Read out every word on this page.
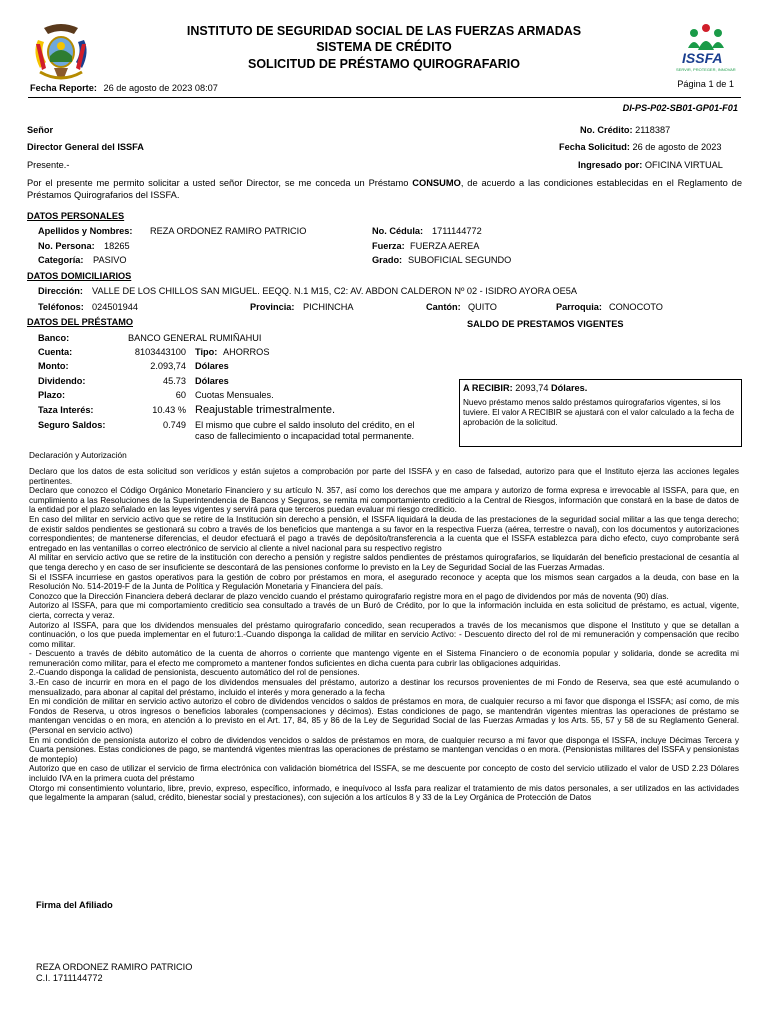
ISSFA
SERVIR, PROTEGER, INNOVAR
INSTITUTO DE SEGURIDAD SOCIAL DE LAS FUERZAS ARMADAS
SISTEMA DE CRÉDITO
SOLICITUD DE PRÉSTAMO QUIROGRAFARIO
Fecha Reporte: 26 de agosto de 2023 08:07	Página 1 de 1
DI-PS-P02-SB01-GP01-F01
Señor
Director General del ISSFA
Presente.-
No. Crédito: 2118387
Fecha Solicitud: 26 de agosto de 2023
Ingresado por: OFICINA VIRTUAL
Por el presente me permito solicitar a usted señor Director, se me conceda un Préstamo CONSUMO, de acuerdo a las condiciones establecidas en el Reglamento de Préstamos Quirografarios del ISSFA.
DATOS PERSONALES
Apellidos y Nombres: REZA ORDONEZ RAMIRO PATRICIO	No. Cédula: 1711144772
No. Persona: 18265	Fuerza: FUERZA AEREA
Categoría: PASIVO	Grado: SUBOFICIAL SEGUNDO
DATOS DOMICILIARIOS
Dirección: VALLE DE LOS CHILLOS SAN MIGUEL. EEQQ. N.1 M15, C2: AV. ABDON CALDERON Nº 02 - ISIDRO AYORA OE5A
Teléfonos: 024501944	Provincia: PICHINCHA	Cantón: QUITO	Parroquia: CONOCOTO
DATOS DEL PRÉSTAMO	SALDO DE PRESTAMOS VIGENTES
Banco:	BANCO GENERAL RUMIÑAHUI
Cuenta:	8103443100 Tipo: AHORROS
Monto:	2.093,74 Dólares
Dividendo:	45.73 Dólares
Plazo:	60 Cuotas Mensuales.
Taza Interés:	10.43 % Reajustable trimestralmente.
Seguro Saldos:	0.749 El mismo que cubre el saldo insoluto del crédito, en el
caso de fallecimiento o incapacidad total permanente.
A RECIBIR: 2093,74 Dólares.
Nuevo préstamo menos saldo préstamos quirografarios vigentes, si los tuviere. El valor A RECIBIR se ajustará con el valor calculado a la fecha de aprobación de la solicitud.
Declaración y Autorización
Declaro que los datos de esta solicitud son verídicos y están sujetos a comprobación por parte del ISSFA y en caso de falsedad, autorizo para que el Instituto ejerza las acciones legales pertinentes.
Declaro que conozco el Código Orgánico Monetario Financiero y su artículo N. 357, así como los derechos que me ampara y autorizo de forma expresa e irrevocable al ISSFA, para que, en cumplimiento a las Resoluciones de la Superintendencia de Bancos y Seguros, se remita mi comportamiento crediticio a la Central de Riesgos, información que constará en la base de datos de la entidad por el plazo señalado en las leyes vigentes y servirá para que terceros puedan evaluar mi riesgo crediticio.
En caso del militar en servicio activo que se retire de la Institución sin derecho a pensión, el ISSFA liquidará la deuda de las prestaciones de la seguridad social militar a las que tenga derecho; de existir saldos pendientes se gestionará su cobro a través de los beneficios que mantenga a su favor en la respectiva Fuerza (aérea, terrestre o naval), con los documentos y autorizaciones correspondientes; de mantenerse diferencias, el deudor efectuará el pago a través de depósito/transferencia a la cuenta que el ISSFA establezca para dicho efecto, cuyo comprobante será entregado en las ventanillas o correo electrónico de servicio al cliente a nivel nacional para su respectivo registro
Al militar en servicio activo que se retire de la institución con derecho a pensión y registre saldos pendientes de préstamos quirografarios, se liquidarán del beneficio prestacional de cesantía al que tenga derecho y en caso de ser insuficiente se descontará de las pensiones conforme lo previsto en la Ley de Seguridad Social de las Fuerzas Armadas.
Si el ISSFA incurriese en gastos operativos para la gestión de cobro por préstamos en mora, el asegurado reconoce y acepta que los mismos sean cargados a la deuda, con base en la Resolución No. 514-2019-F de la Junta de Política y Regulación Monetaria y Financiera del país.
Conozco que la Dirección Financiera deberá declarar de plazo vencido cuando el préstamo quirografario registre mora en el pago de dividendos por más de noventa (90) días.
Autorizo al ISSFA, para que mi comportamiento crediticio sea consultado a través de un Buró de Crédito, por lo que la información incluida en esta solicitud de préstamo, es actual, vigente, cierta, correcta y veraz.
Autorizo al ISSFA, para que los dividendos mensuales del préstamo quirografario concedido, sean recuperados a través de los mecanismos que dispone el Instituto y que se detallan a continuación, o los que pueda implementar en el futuro:1.-Cuando disponga la calidad de militar en servicio Activo: - Descuento directo del rol de mi remuneración y compensación que recibo como militar.
- Descuento a través de débito automático de la cuenta de ahorros o corriente que mantengo vigente en el Sistema Financiero o de economía popular y solidaria, donde se acredita mi remuneración como militar, para el efecto me comprometo a mantener fondos suficientes en dicha cuenta para cubrir las obligaciones adquiridas.
2.-Cuando disponga la calidad de pensionista, descuento automático del rol de pensiones.
3.-En caso de incurrir en mora en el pago de los dividendos mensuales del préstamo, autorizo a destinar los recursos provenientes de mi Fondo de Reserva, sea que esté acumulando o mensualizado, para abonar al capital del préstamo, incluido el interés y mora generado a la fecha
En mi condición de militar en servicio activo autorizo el cobro de dividendos vencidos o saldos de préstamos en mora, de cualquier recurso a mi favor que disponga el ISSFA; así como, de mis Fondos de Reserva, u otros ingresos o beneficios laborales (compensaciones y décimos). Estas condiciones de pago, se mantendrán vigentes mientras las operaciones de préstamo se mantengan vencidas o en mora, en atención a lo previsto en el Art. 17, 84, 85 y 86 de la Ley de Seguridad Social de las Fuerzas Armadas y los Arts. 55, 57 y 58 de su Reglamento General. (Personal en servicio activo)
En mi condición de pensionista autorizo el cobro de dividendos vencidos o saldos de préstamos en mora, de cualquier recurso a mi favor que disponga el ISSFA, incluye Décimas Tercera y Cuarta pensiones. Estas condiciones de pago, se mantendrá vigentes mientras las operaciones de préstamo se mantengan vencidas o en mora. (Pensionistas militares del ISSFA y pensionistas de montepío)
Autorizo que en caso de utilizar el servicio de firma electrónica con validación biométrica del ISSFA, se me descuente por concepto de costo del servicio utilizado el valor de USD 2.23 Dólares incluido IVA en la primera cuota del préstamo
Otorgo mi consentimiento voluntario, libre, previo, expreso, específico, informado, e inequívoco al Issfa para realizar el tratamiento de mis datos personales, a ser utilizados en las actividades que legalmente la amparan (salud, crédito, bienestar social y prestaciones), con sujeción a los artículos 8 y 33 de la Ley Orgánica de Protección de Datos
Firma del Afiliado
REZA ORDONEZ RAMIRO PATRICIO
C.I. 1711144772
